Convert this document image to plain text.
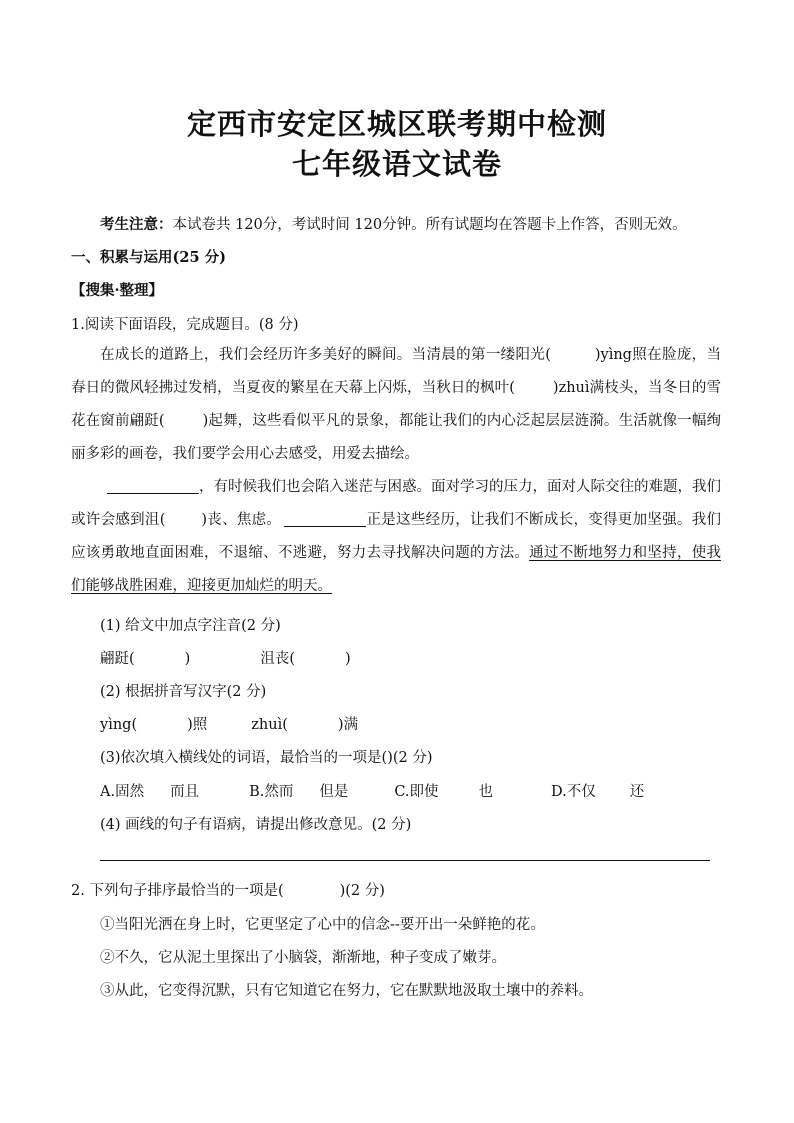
定西市安定区城区联考期中检测
七年级语文试卷
考生注意：本试卷共 120分，考试时间 120分钟。所有试题均在答题卡上作答，否则无效。
一、积累与运用(25 分)
【搜集·整理】
1.阅读下面语段，完成题目。(8 分)

在成长的道路上，我们会经历许多美好的瞬间。当清晨的第一缕阳光(	)yìng照在脸庞，当春日的微风轻拂过发梢，当夏夜的繁星在天幕上闪烁，当秋日的枫叶(	)zhuì满枝头，当冬日的雪花在窗前翩跹(	)起舞，这些看似平凡的景象，都能让我们的内心泛起层层涟漪。生活就像一幅绚丽多彩的画卷，我们要学会用心去感受，用爱去描绘。

，有时候我们也会陷入迷茫与困惑。面对学习的压力，面对人际交往的难题，我们或许会感到沮( )丧、焦虑。	正是这些经历，让我们不断成长，变得更加坚强。我们应该勇敢地直面困难，不退缩、不逃避，努力去寻找解决问题的方法。通过不断地努力和坚持，使我们能够战胜困难，迎接更加灿烂的明天。

(1) 给文中加点字注音(2 分)
翩跹(	)	沮丧(	)
(2) 根据拼音写汉字(2 分)
yìng(	)照	zhuì(	)满
(3)依次填入横线处的词语，最恰当的一项是()(2 分)
A.固然 而且	B.然而 但是	C.即使	也	D.不仅 还
(4) 画线的句子有语病，请提出修改意见。(2 分)
2. 下列句子排序最恰当的一项是(	)(2 分)
①当阳光洒在身上时，它更坚定了心中的信念--要开出一朵鲜艳的花。
②不久，它从泥土里探出了小脑袋，渐渐地，种子变成了嫩芽。
③从此，它变得沉默，只有它知道它在努力，它在默默地汲取土壤中的养料。
